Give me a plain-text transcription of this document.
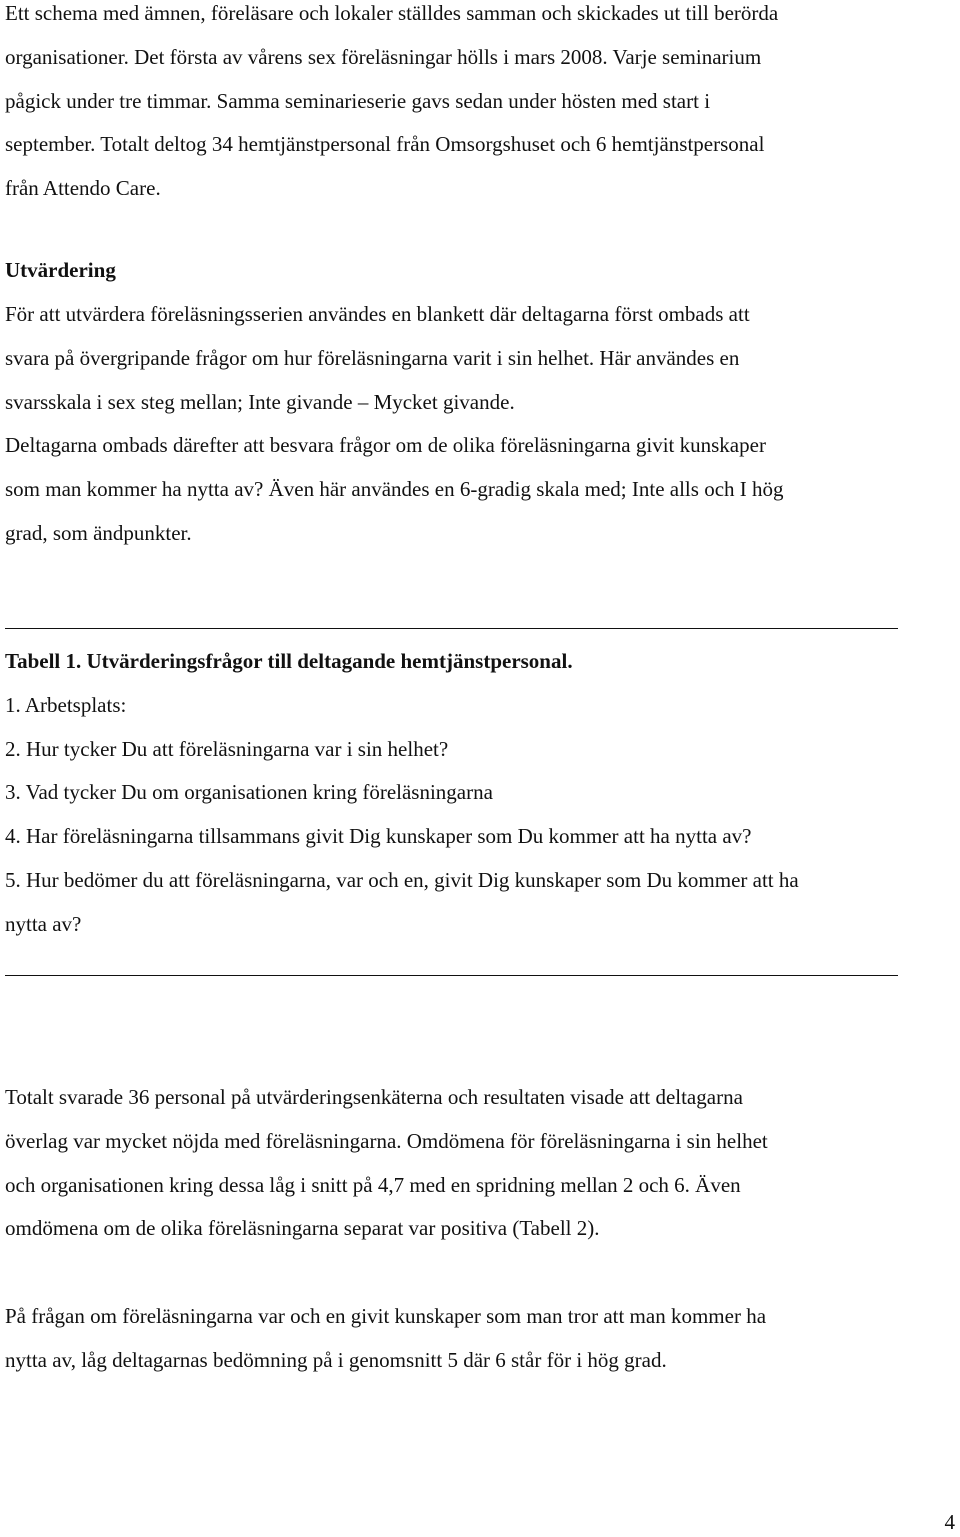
Ett schema med ämnen, föreläsare och lokaler ställdes samman och skickades ut till berörda
organisationer. Det första av vårens sex föreläsningar hölls i mars 2008. Varje seminarium
pågick under tre timmar. Samma seminarieserie gavs sedan under hösten med start i
september. Totalt deltog 34 hemtjänstpersonal från Omsorgshuset och 6 hemtjänstpersonal
från Attendo Care.

Utvärdering

För att utvärdera föreläsningsserien användes en blankett där deltagarna först ombads att
svara på övergripande frågor om hur föreläsningarna varit i sin helhet. Här användes en
svarsskala i sex steg mellan; Inte givande – Mycket givande.
Deltagarna ombads därefter att besvara frågor om de olika föreläsningarna givit kunskaper
som man kommer ha nytta av? Även här användes en 6-gradig skala med; Inte alls och I hög
grad, som ändpunkter.

Tabell 1. Utvärderingsfrågor till deltagande hemtjänstpersonal.
1. Arbetsplats:
2. Hur tycker Du att föreläsningarna var i sin helhet?
3. Vad tycker Du om organisationen kring föreläsningarna
4. Har föreläsningarna tillsammans givit Dig kunskaper som Du kommer att ha nytta av?
5. Hur bedömer du att föreläsningarna, var och en, givit Dig kunskaper som Du kommer att ha
nytta av?

Totalt svarade 36 personal på utvärderingsenkäterna och resultaten visade att deltagarna
överlag var mycket nöjda med föreläsningarna. Omdömena för föreläsningarna i sin helhet
och organisationen kring dessa låg i snitt på 4,7 med en spridning mellan 2 och 6. Även
omdömena om de olika föreläsningarna separat var positiva (Tabell 2).

På frågan om föreläsningarna var och en givit kunskaper som man tror att man kommer ha
nytta av, låg deltagarnas bedömning på i genomsnitt 5 där 6 står för i hög grad.

4
